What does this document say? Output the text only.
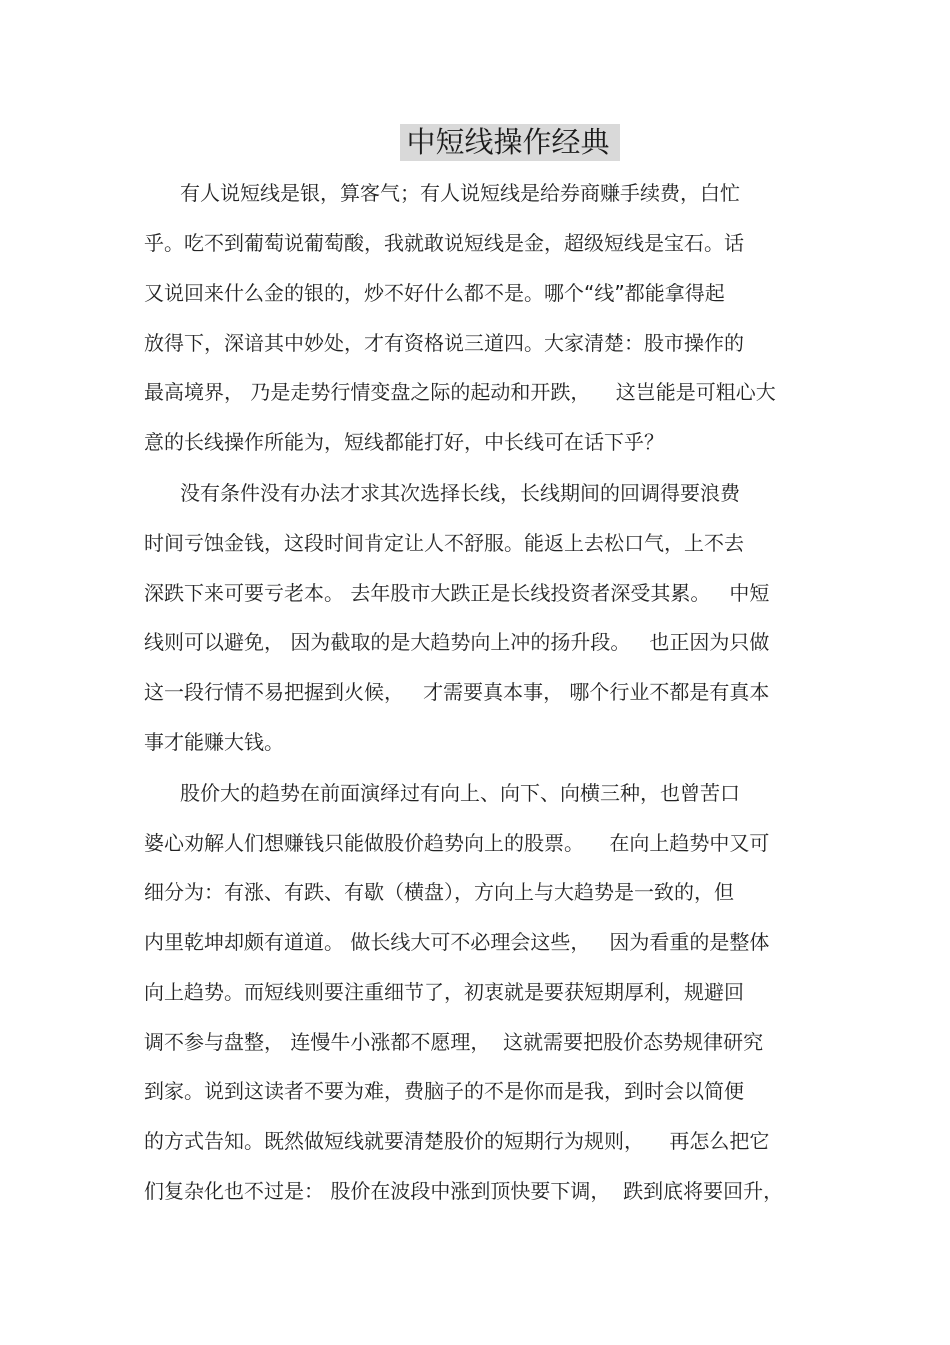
中短线操作经典
有人说短线是银，算客气；有人说短线是给券商赚手续费，白忙
乎。吃不到葡萄说葡萄酸，我就敢说短线是金，超级短线是宝石。话
又说回来什么金的银的，炒不好什么都不是。哪个“线”都能拿得起
放得下，深谙其中妙处，才有资格说三道四。大家清楚：股市操作的
最高境界， 乃是走势行情变盘之际的起动和开跌，    这岂能是可粗心大
意的长线操作所能为，短线都能打好，中长线可在话下乎？
没有条件没有办法才求其次选择长线，长线期间的回调得要浪费
时间亏蚀金钱，这段时间肯定让人不舒服。能返上去松口气，上不去
深跌下来可要亏老本。 去年股市大跌正是长线投资者深受其累。   中短
线则可以避免， 因为截取的是大趋势向上冲的扬升段。   也正因为只做
这一段行情不易把握到火候，   才需要真本事， 哪个行业不都是有真本
事才能赚大钱。
股价大的趋势在前面演绎过有向上、向下、向横三种，也曾苦口
婆心劝解人们想赚钱只能做股价趋势向上的股票。    在向上趋势中又可
细分为：有涨、有跌、有歇（横盘），方向上与大趋势是一致的，但
内里乾坤却颇有道道。 做长线大可不必理会这些，   因为看重的是整体
向上趋势。而短线则要注重细节了，初衷就是要获短期厚利，规避回
调不参与盘整， 连慢牛小涨都不愿理，  这就需要把股价态势规律研究
到家。说到这读者不要为难，费脑子的不是你而是我，到时会以简便
的方式告知。既然做短线就要清楚股价的短期行为规则，    再怎么把它
们复杂化也不过是： 股价在波段中涨到顶快要下调，  跌到底将要回升，
